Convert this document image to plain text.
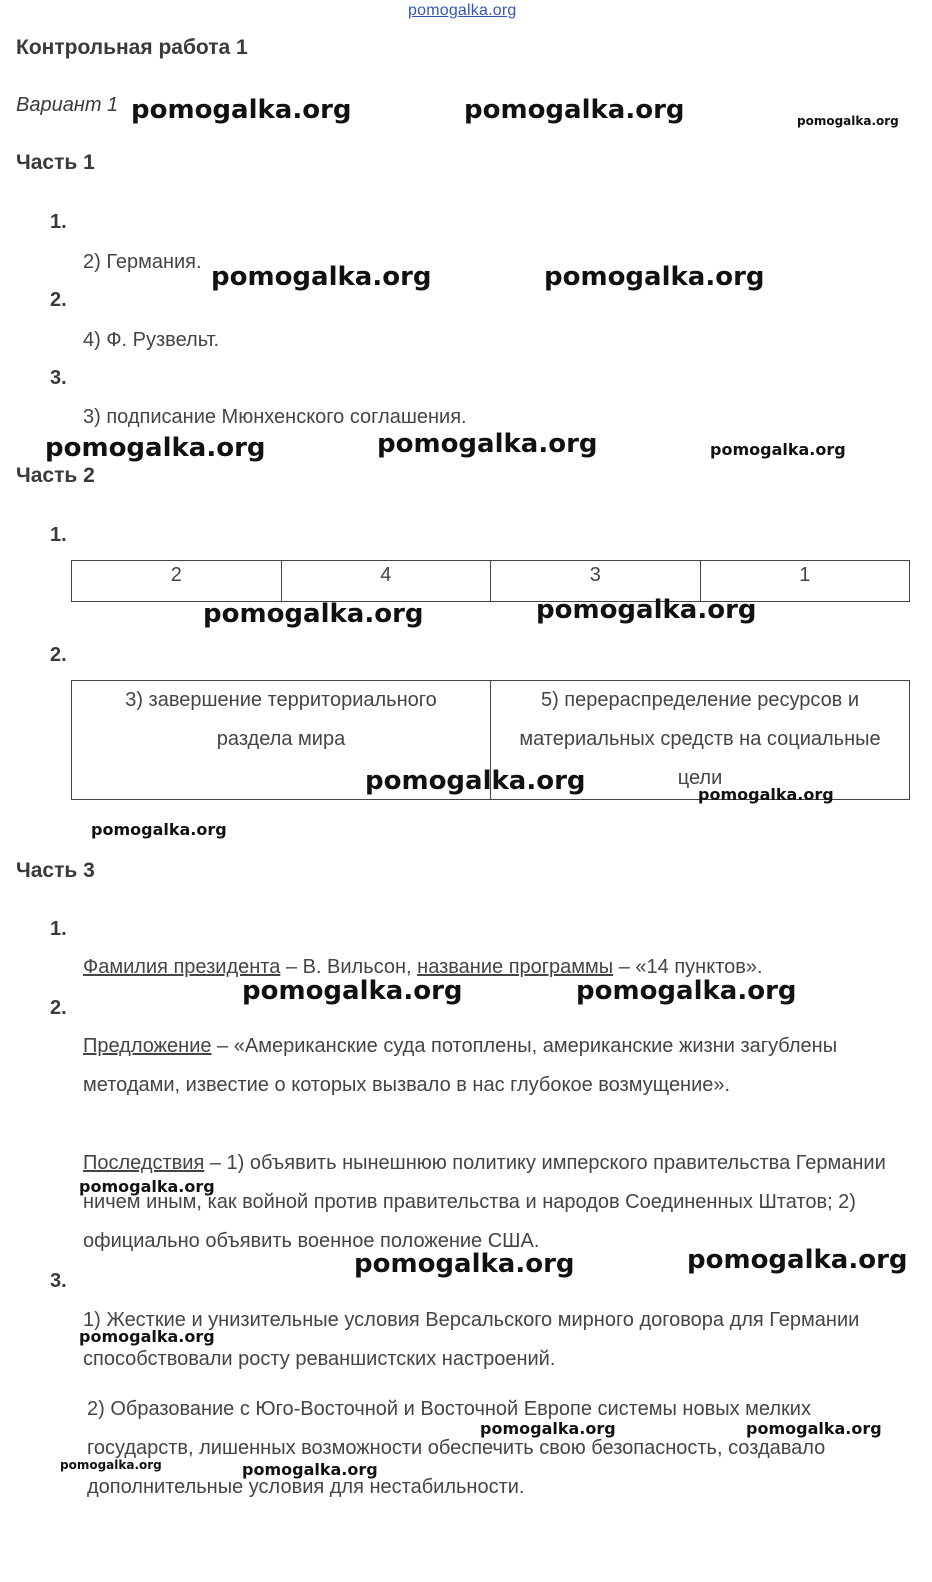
pomogalka.org
Контрольная работа 1
Вариант 1
Часть 1
1.
2) Германия.
2.
4) Ф. Рузвельт.
3.
3) подписание Мюнхенского соглашения.
Часть 2
1.
2	4	3	1
2.
3) завершение территориального раздела мира	5) перераспределение ресурсов и материальных средств на социальные цели
Часть 3
1.
Фамилия президента – В. Вильсон, название программы – «14 пунктов».
2.
Предложение – «Американские суда потоплены, американские жизни загублены методами, известие о которых вызвало в нас глубокое возмущение».
Последствия – 1) объявить нынешнюю политику имперского правительства Германии ничем иным, как войной против правительства и народов Соединенных Штатов; 2) официально объявить военное положение США.
3.
1) Жесткие и унизительные условия Версальского мирного договора для Германии способствовали росту реваншистских настроений.
2) Образование с Юго-Восточной и Восточной Европе системы новых мелких государств, лишенных возможности обеспечить свою безопасность, создавало дополнительные условия для нестабильности.
pomogalka.org	pomogalka.org	pomogalka.org
pomogalka.org	pomogalka.org
pomogalka.org	pomogalka.org	pomogalka.org
pomogalka.org	pomogalka.org
pomogalka.org	pomogalka.org
pomogalka.org
pomogalka.org	pomogalka.org
pomogalka.org
pomogalka.org	pomogalka.org
pomogalka.org
pomogalka.org	pomogalka.org
pomogalka.org	pomogalka.org
